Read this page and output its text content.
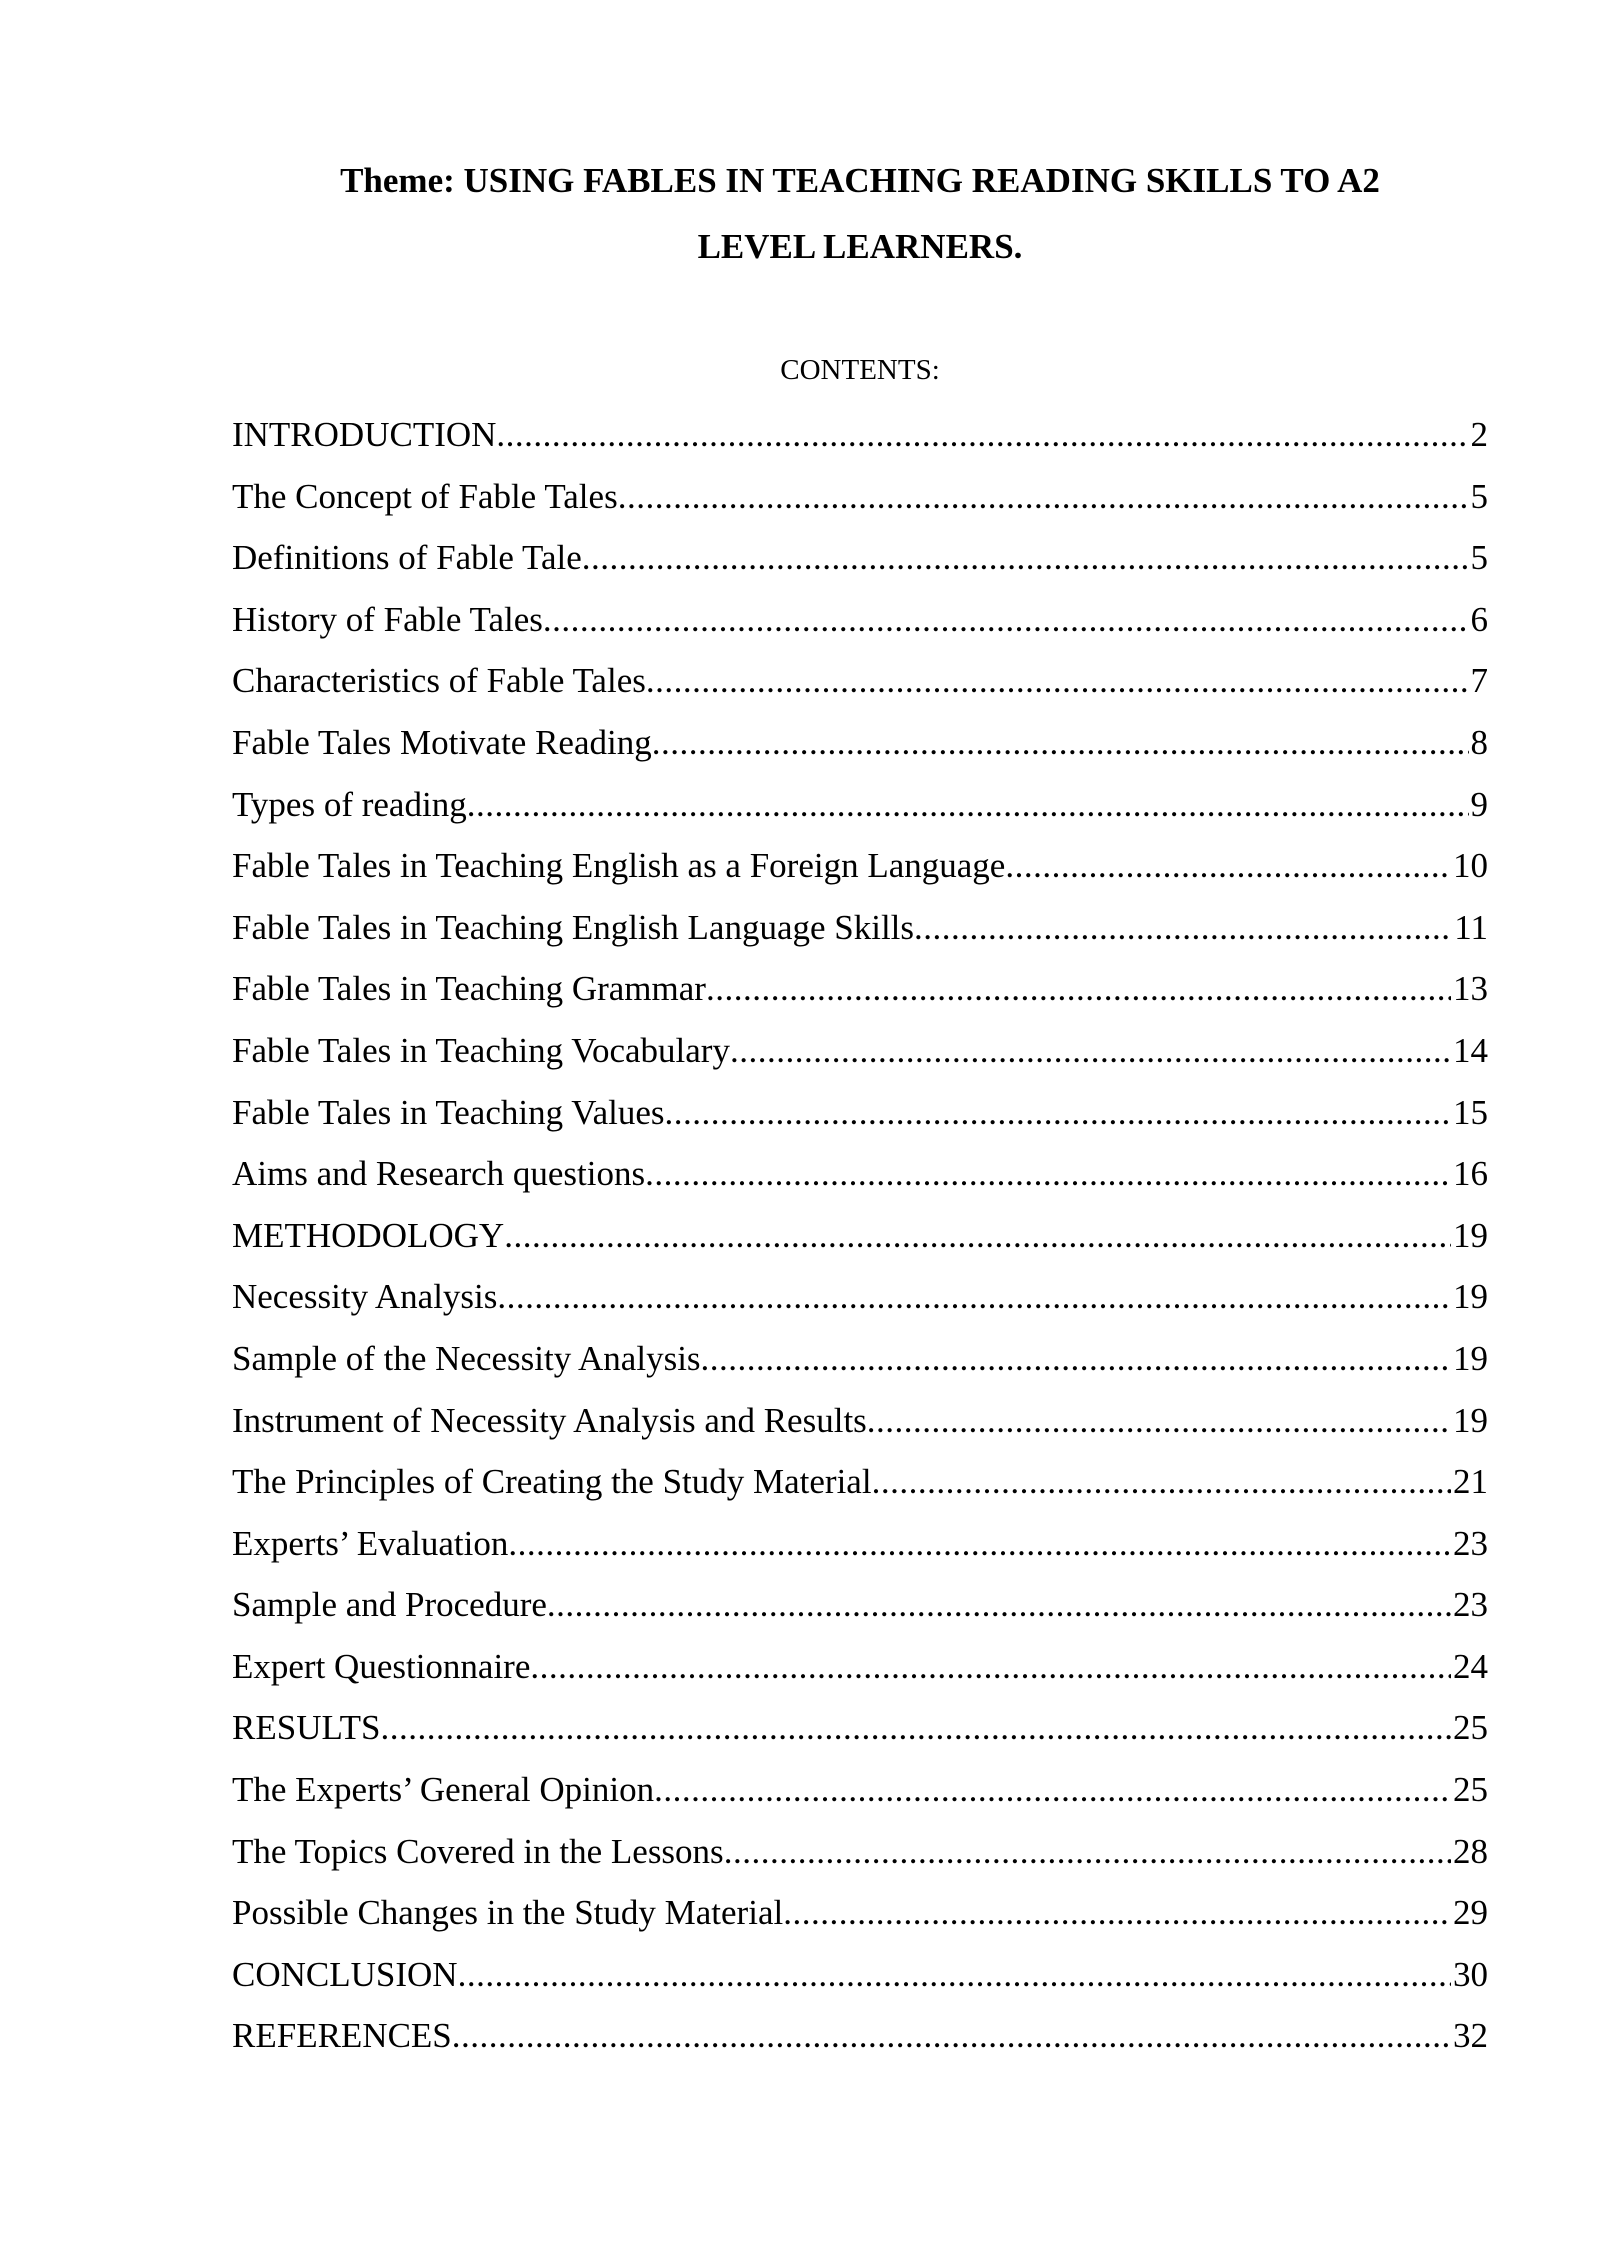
Theme: USING FABLES IN TEACHING READING SKILLS TO A2
LEVEL LEARNERS.
CONTENTS:
INTRODUCTION .....	2
The Concept of Fable Tales .....	5
Definitions of Fable Tale .....	5
History of Fable Tales .....	6
Characteristics of Fable Tales .....	7
Fable Tales Motivate Reading .....	8
Types of reading .....	9
Fable Tales in Teaching English as a Foreign Language .....	10
Fable Tales in Teaching English Language Skills .....	11
Fable Tales in Teaching Grammar .....	13
Fable Tales in Teaching Vocabulary .....	14
Fable Tales in Teaching Values .....	15
Aims and Research questions .....	16
METHODOLOGY .....	19
Necessity Analysis .....	19
Sample of the Necessity Analysis .....	19
Instrument of Necessity Analysis and Results .....	19
The Principles of Creating the Study Material .....	21
Experts’ Evaluation .....	23
Sample and Procedure .....	23
Expert Questionnaire .....	24
RESULTS .....	25
The Experts’ General Opinion .....	25
The Topics Covered in the Lessons .....	28
Possible Changes in the Study Material .....	29
CONCLUSION .....	30
REFERENCES .....	32
